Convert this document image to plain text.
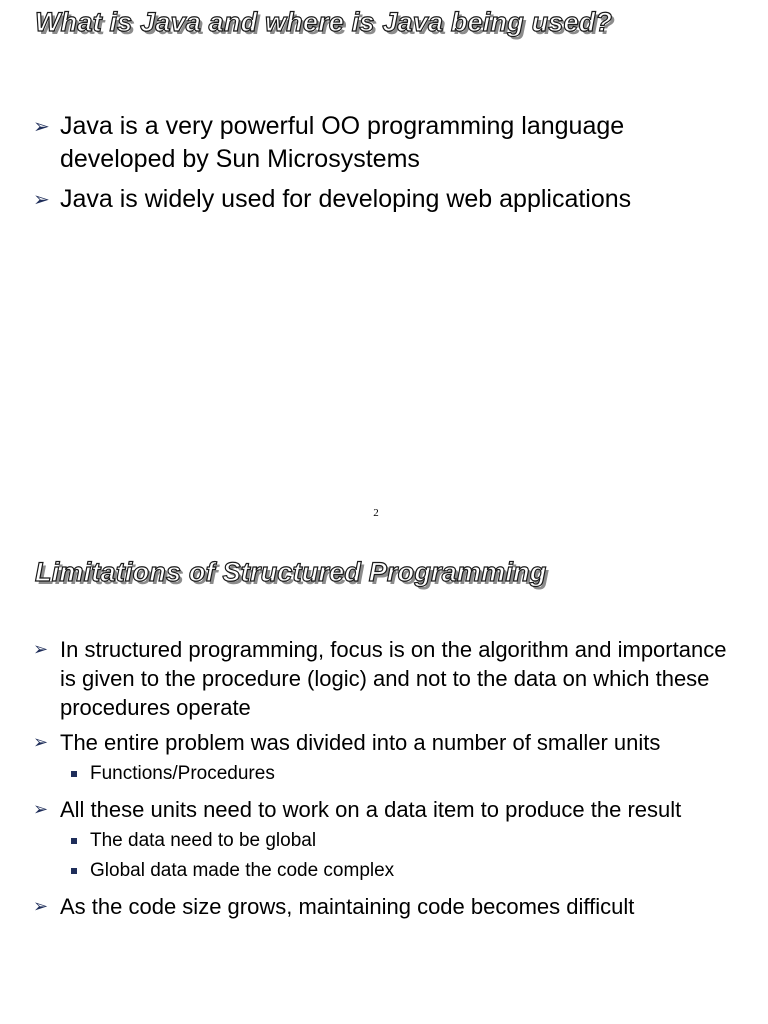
What is Java and where is Java being used?
➢ Java is a very powerful OO programming language developed by Sun Microsystems
➢ Java is widely used for developing web applications
2
Limitations of Structured Programming
➢ In structured programming, focus is on the algorithm and importance is given to the procedure (logic) and not to the data on which these procedures operate
➢ The entire problem was divided into a number of smaller units
Functions/Procedures
➢ All these units need to work on a data item to produce the result
The data need to be global
Global data made the code complex
➢ As the code size grows, maintaining code becomes difficult
